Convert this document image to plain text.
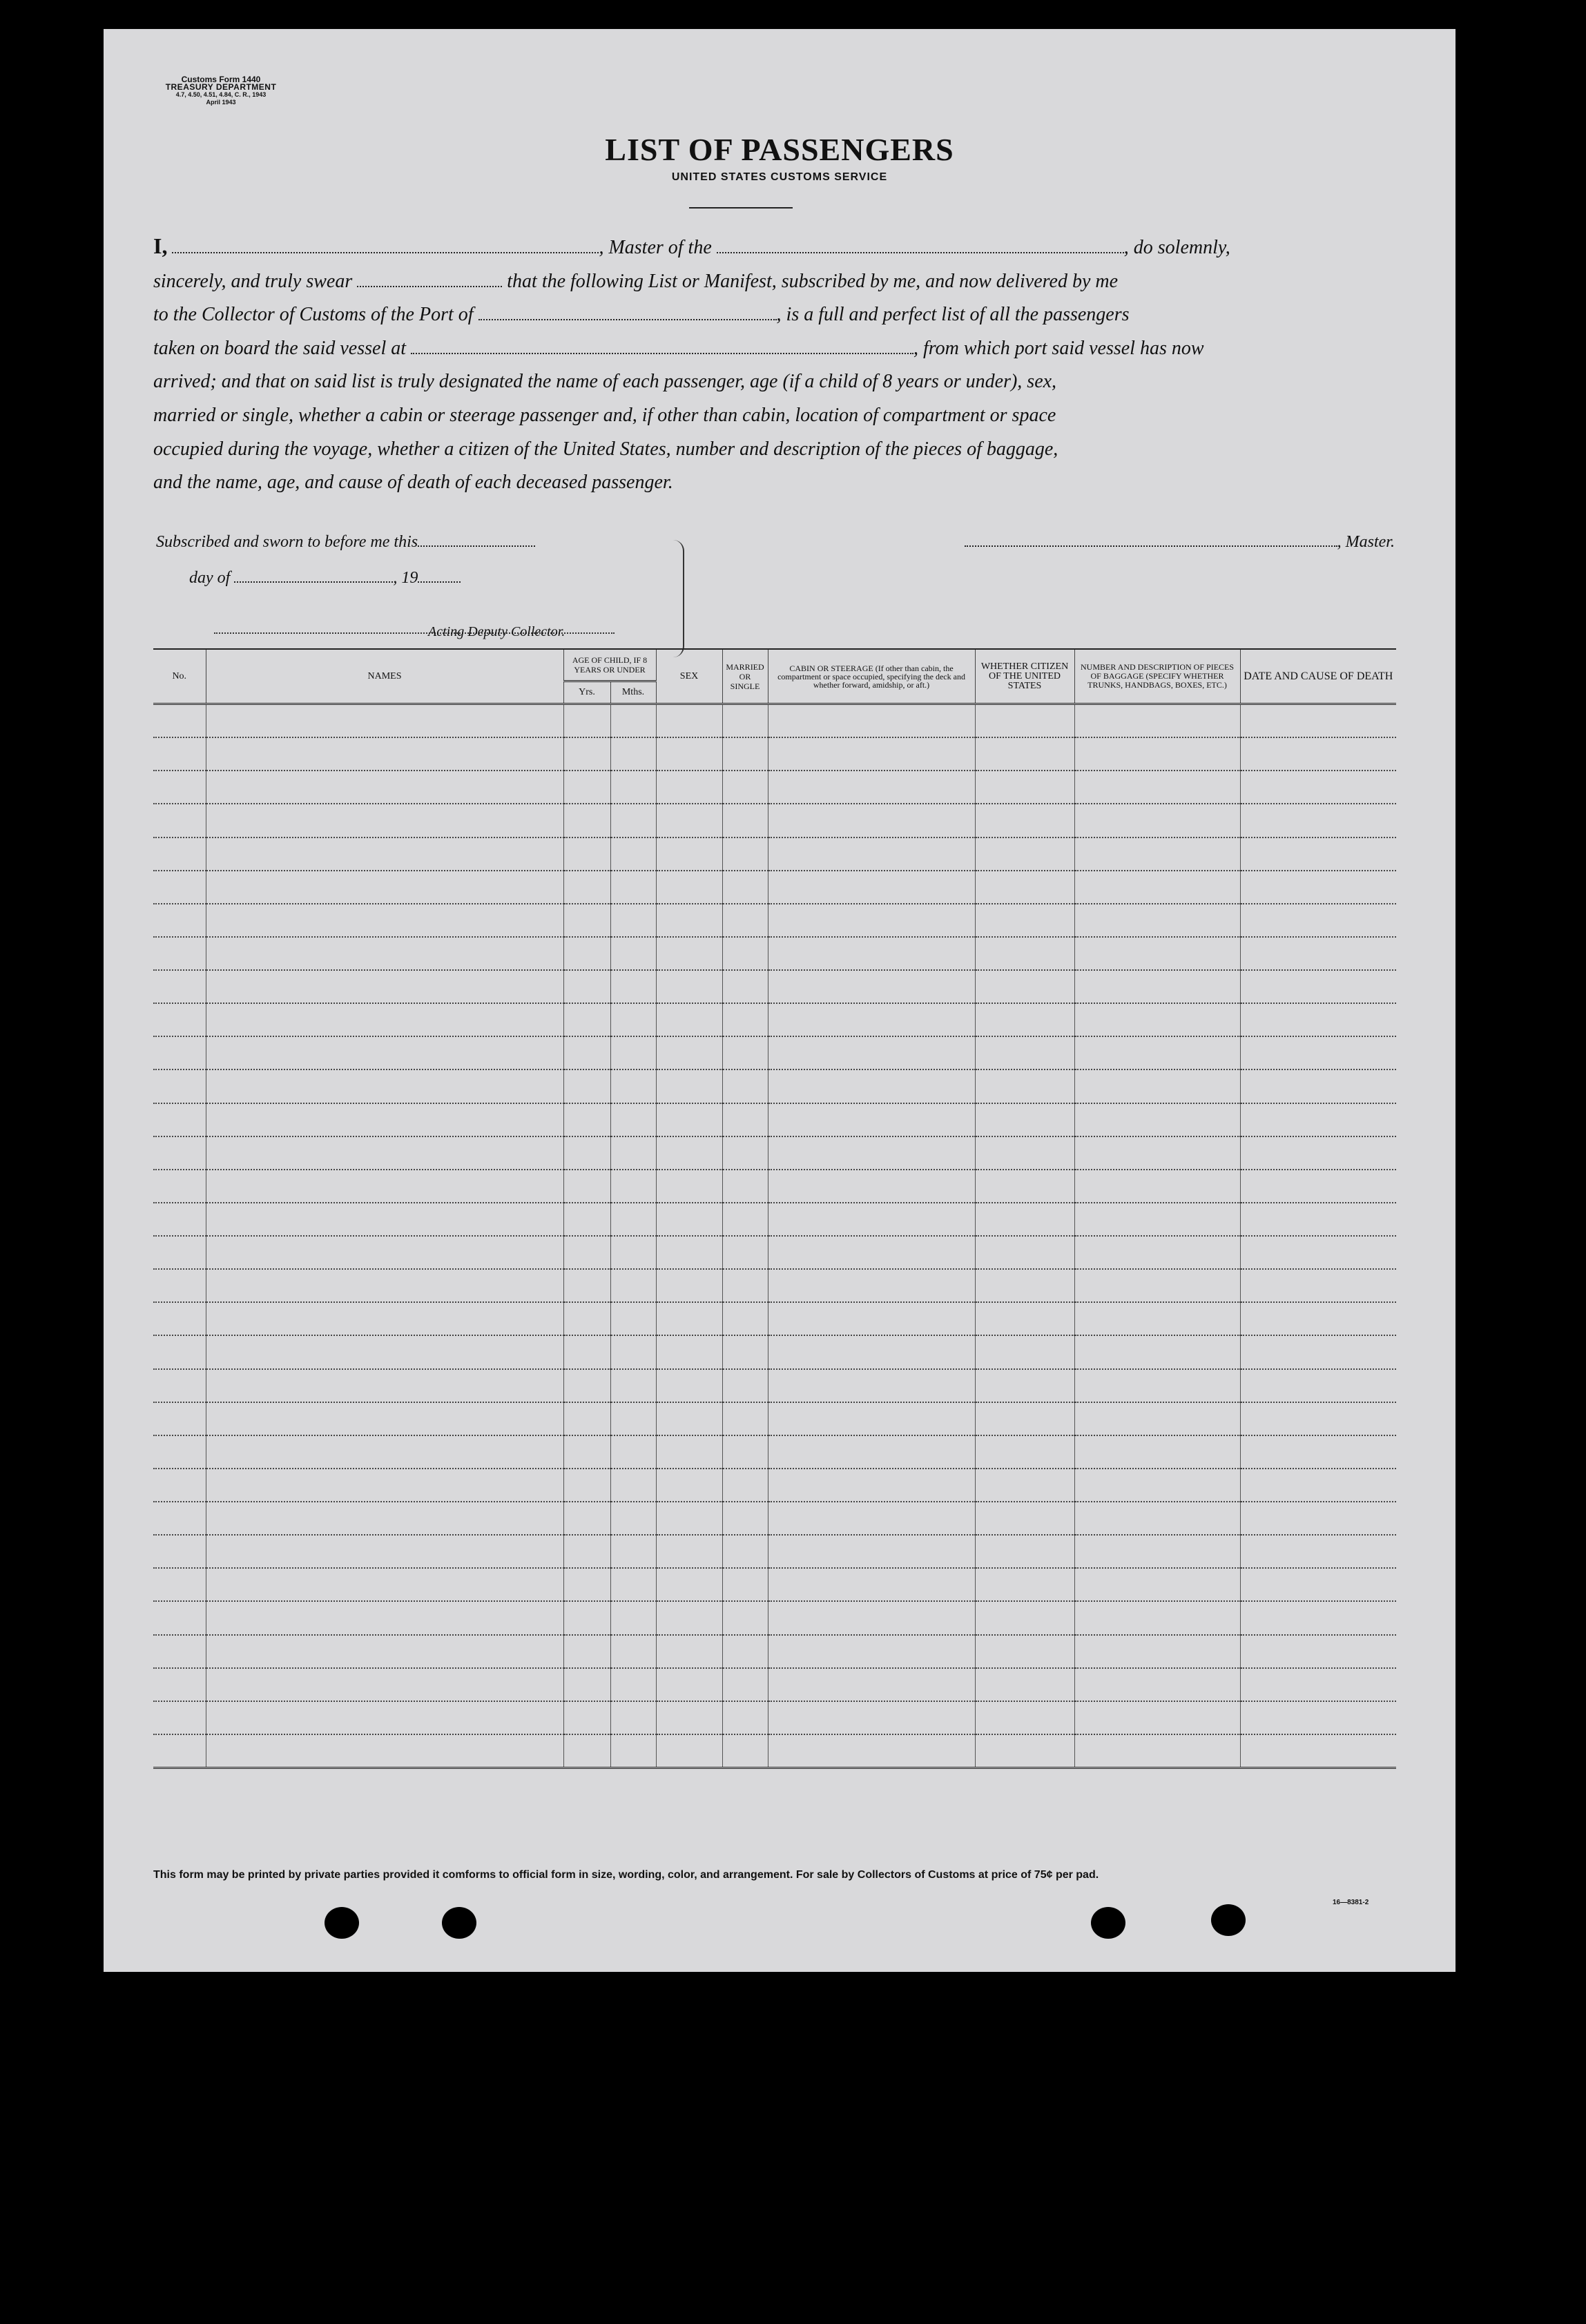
Customs Form 1440
TREASURY DEPARTMENT
4.7, 4.50, 4.51, 4.84, C. R., 1943
April 1943
LIST OF PASSENGERS
UNITED STATES CUSTOMS SERVICE

I,	, Master of the	, do solemnly,

sincerely, and truly swear	that the following List or Manifest, subscribed by me, and now delivered by me

to the Collector of Customs of the Port of	, is a full and perfect list of all the passengers

taken on board the said vessel at	, from which port said vessel has now

arrived; and that on said list is truly designated the name of each passenger, age (if a child of 8 years or under), sex,

married or single, whether a cabin or steerage passenger and, if other than cabin, location of compartment or space

occupied during the voyage, whether a citizen of the United States, number and description of the pieces of baggage,

and the name, age, and cause of death of each deceased passenger.

Subscribed and sworn to before me this
day of	, 19
Acting Deputy Collector.
, Master.
No.	NAMES	AGE OF CHILD, IF 8 YEARS OR UNDER		SEX	MARRIED OR SINGLE	CABIN OR STEERAGE (If other than cabin, the compartment or space occupied, specifying the deck and whether forward, amidship, or aft.)	WHETHER CITIZEN OF THE UNITED STATES	NUMBER AND DESCRIPTION OF PIECES OF BAGGAGE (SPECIFY WHETHER TRUNKS, HANDBAGS, BOXES, ETC.)	DATE AND CAUSE OF DEATH
		Yrs.	Mths.						

This form may be printed by private parties provided it comforms to official form in size, wording, color, and arrangement. For sale by Collectors of Customs at price of 75¢ per pad.
16—8381-2
